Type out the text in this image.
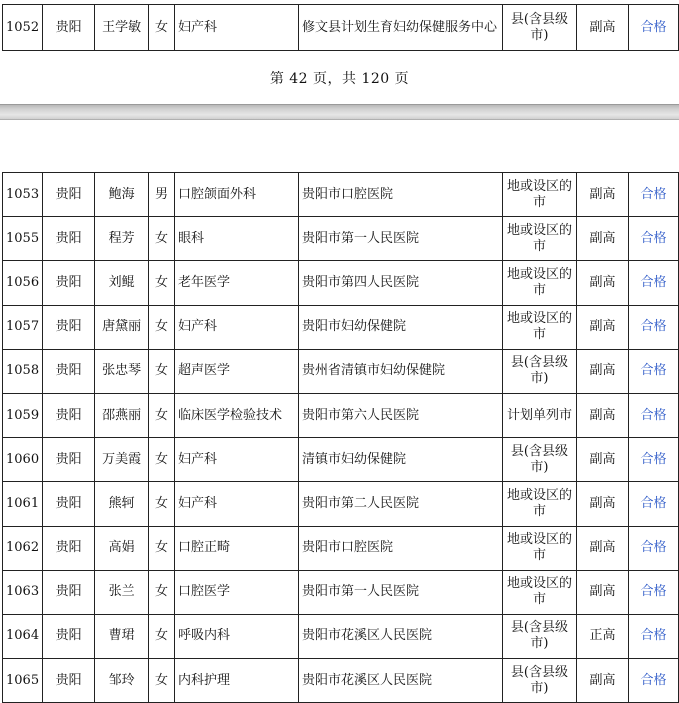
1052	贵阳	王学敏	女	妇产科	修文县计划生育妇幼保健服务中心	县(含县级市)	副高	合格
第 42 页，共 120 页
1053	贵阳	鲍海	男	口腔颌面外科	贵阳市口腔医院	地或设区的市	副高	合格
1055	贵阳	程芳	女	眼科	贵阳市第一人民医院	地或设区的市	副高	合格
1056	贵阳	刘鲲	女	老年医学	贵阳市第四人民医院	地或设区的市	副高	合格
1057	贵阳	唐黛丽	女	妇产科	贵阳市妇幼保健院	地或设区的市	副高	合格
1058	贵阳	张忠琴	女	超声医学	贵州省清镇市妇幼保健院	县(含县级市)	副高	合格
1059	贵阳	邵燕丽	女	临床医学检验技术	贵阳市第六人民医院	计划单列市	副高	合格
1060	贵阳	万美霞	女	妇产科	清镇市妇幼保健院	县(含县级市)	副高	合格
1061	贵阳	熊轲	女	妇产科	贵阳市第二人民医院	地或设区的市	副高	合格
1062	贵阳	高娟	女	口腔正畸	贵阳市口腔医院	地或设区的市	副高	合格
1063	贵阳	张兰	女	口腔医学	贵阳市第一人民医院	地或设区的市	副高	合格
1064	贵阳	曹珺	女	呼吸内科	贵阳市花溪区人民医院	县(含县级市)	正高	合格
1065	贵阳	邹玲	女	内科护理	贵阳市花溪区人民医院	县(含县级市)	副高	合格
